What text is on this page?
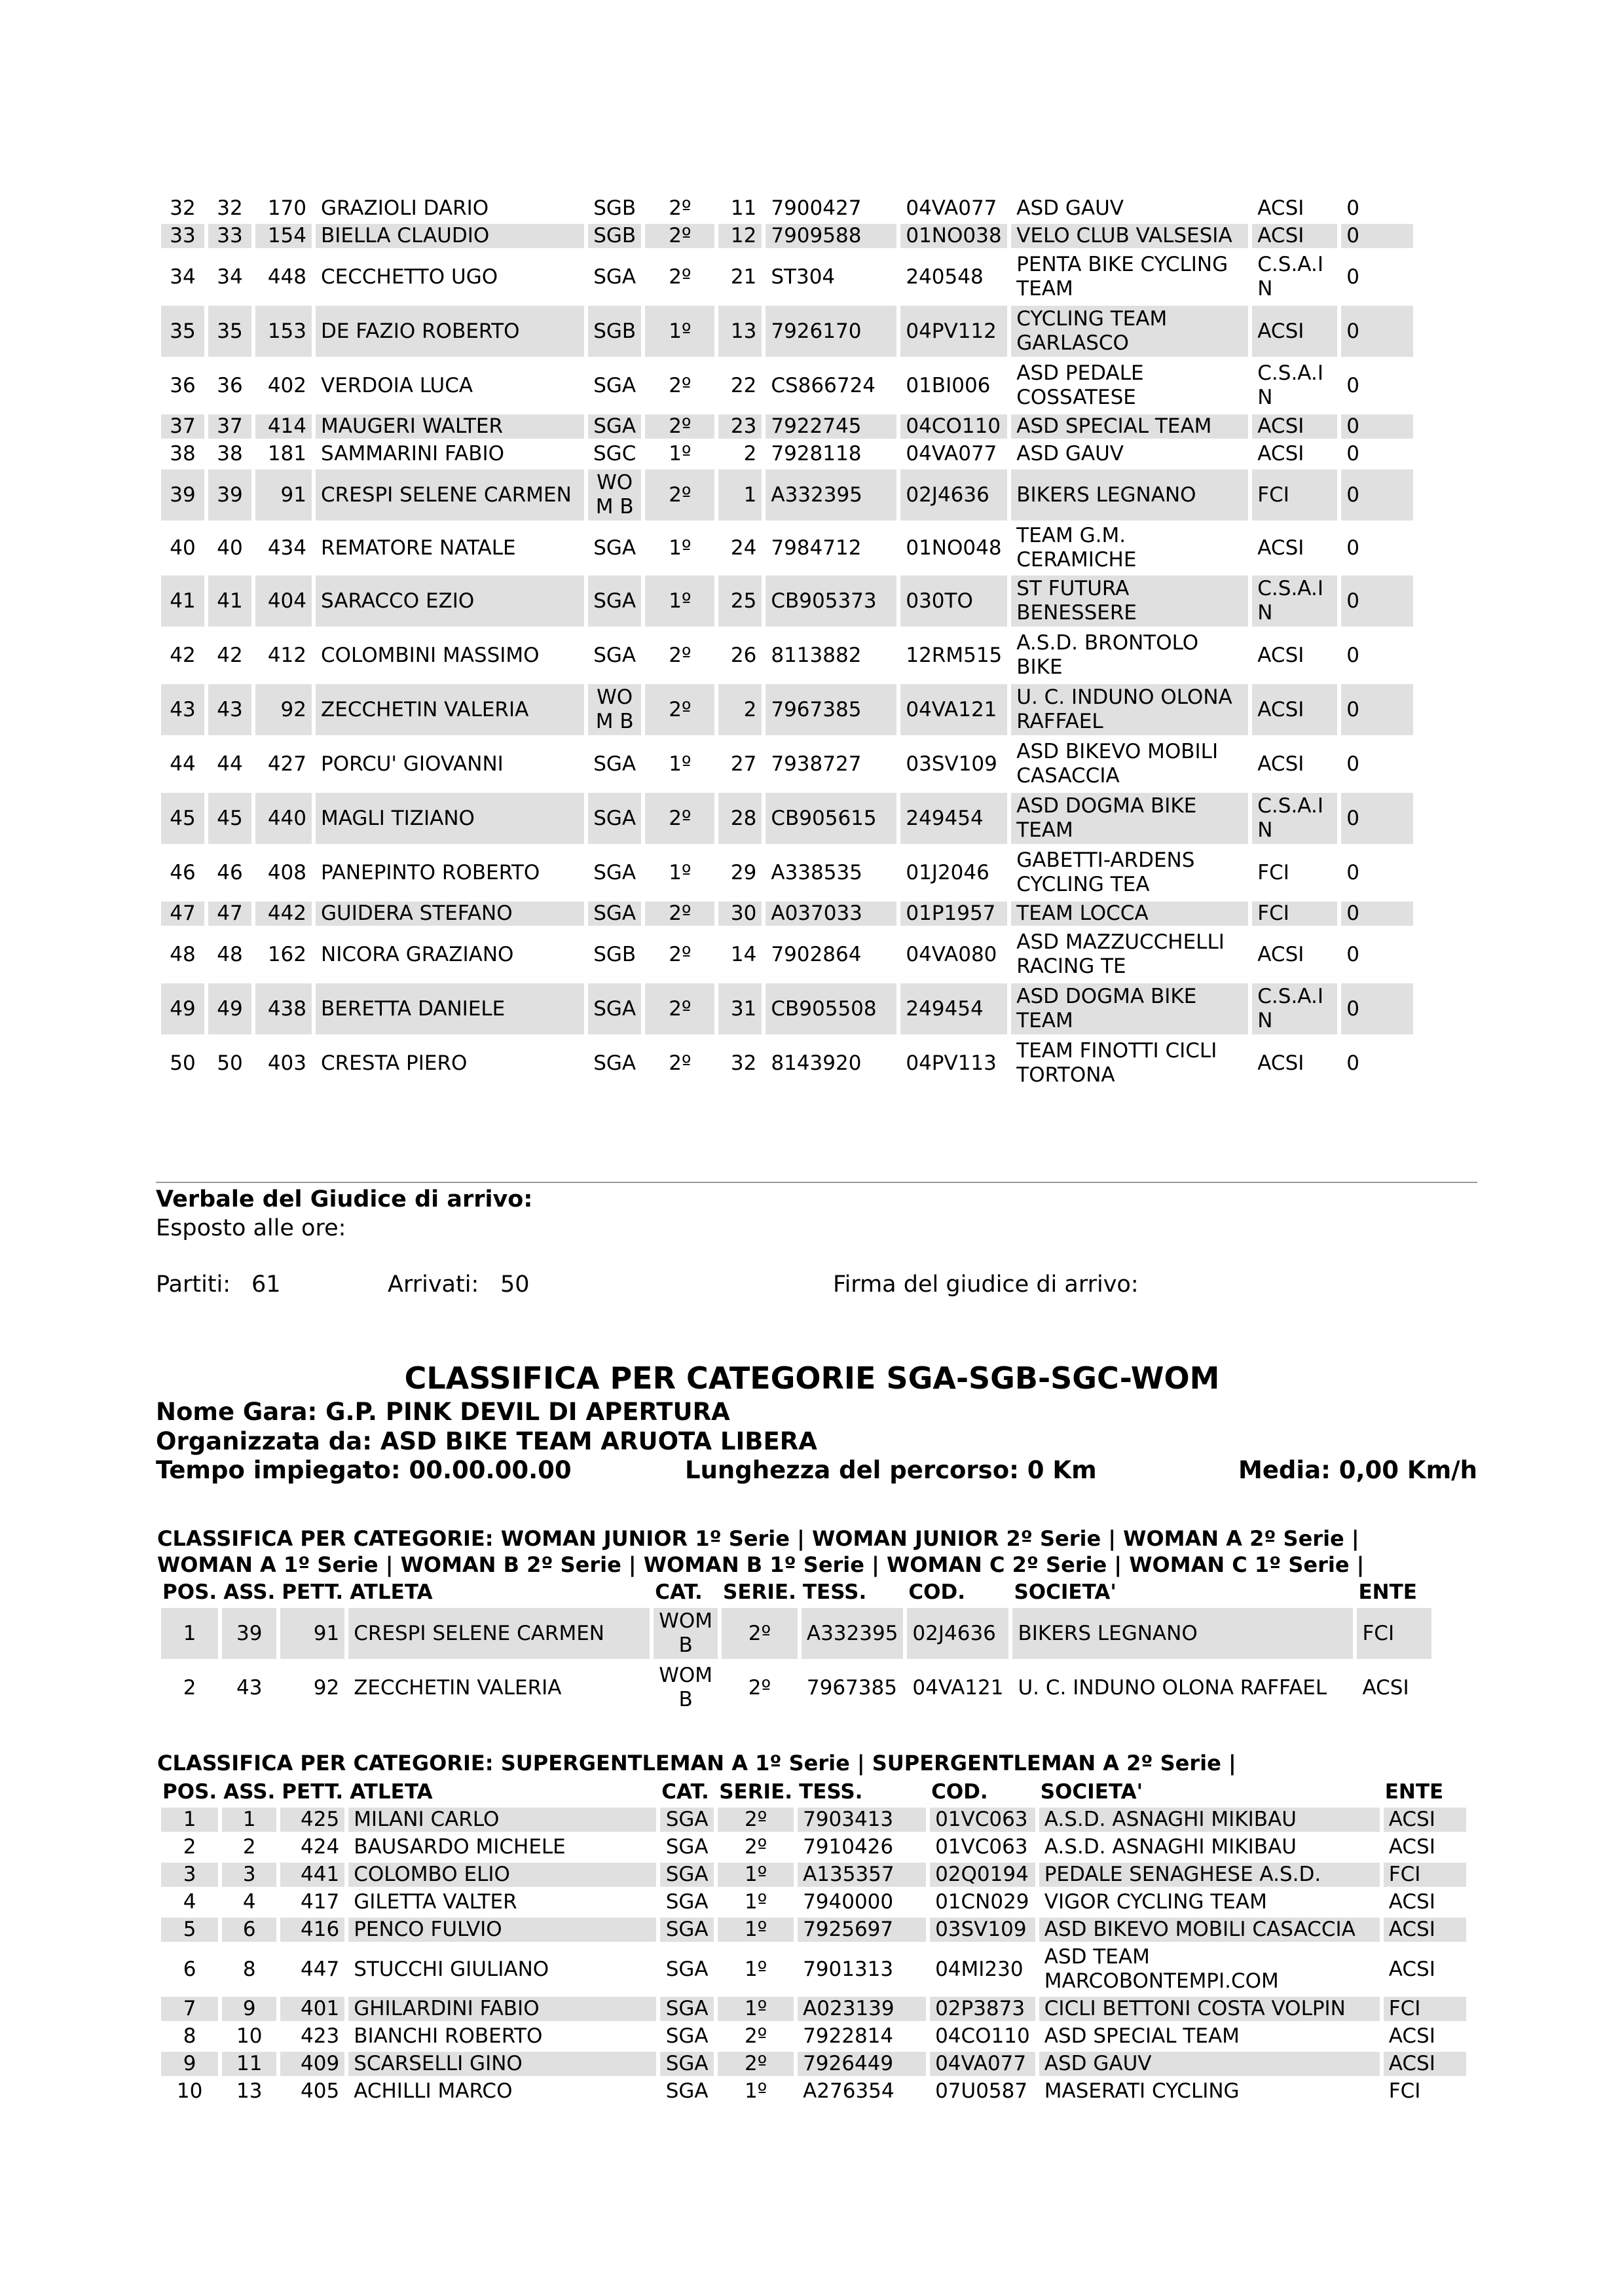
32	32	170	GRAZIOLI DARIO	SGB	2º	11	7900427	04VA077	ASD GAUV	ACSI	0
33	33	154	BIELLA CLAUDIO	SGB	2º	12	7909588	01NO038	VELO CLUB VALSESIA	ACSI	0
34	34	448	CECCHETTO UGO	SGA	2º	21	ST304	240548	PENTA BIKE CYCLING TEAM	C.S.A.I N	0
35	35	153	DE FAZIO ROBERTO	SGB	1º	13	7926170	04PV112	CYCLING TEAM GARLASCO	ACSI	0
36	36	402	VERDOIA LUCA	SGA	2º	22	CS866724	01BI006	ASD PEDALE COSSATESE	C.S.A.I N	0
37	37	414	MAUGERI WALTER	SGA	2º	23	7922745	04CO110	ASD SPECIAL TEAM	ACSI	0
38	38	181	SAMMARINI FABIO	SGC	1º	2	7928118	04VA077	ASD GAUV	ACSI	0
39	39	91	CRESPI SELENE CARMEN	WO M B	2º	1	A332395	02J4636	BIKERS LEGNANO	FCI	0
40	40	434	REMATORE NATALE	SGA	1º	24	7984712	01NO048	TEAM G.M. CERAMICHE	ACSI	0
41	41	404	SARACCO EZIO	SGA	1º	25	CB905373	030TO	ST FUTURA BENESSERE	C.S.A.I N	0
42	42	412	COLOMBINI MASSIMO	SGA	2º	26	8113882	12RM515	A.S.D. BRONTOLO BIKE	ACSI	0
43	43	92	ZECCHETIN VALERIA	WO M B	2º	2	7967385	04VA121	U. C. INDUNO OLONA RAFFAEL	ACSI	0
44	44	427	PORCU' GIOVANNI	SGA	1º	27	7938727	03SV109	ASD BIKEVO MOBILI CASACCIA	ACSI	0
45	45	440	MAGLI TIZIANO	SGA	2º	28	CB905615	249454	ASD DOGMA BIKE TEAM	C.S.A.I N	0
46	46	408	PANEPINTO ROBERTO	SGA	1º	29	A338535	01J2046	GABETTI-ARDENS CYCLING TEA	FCI	0
47	47	442	GUIDERA STEFANO	SGA	2º	30	A037033	01P1957	TEAM LOCCA	FCI	0
48	48	162	NICORA GRAZIANO	SGB	2º	14	7902864	04VA080	ASD MAZZUCCHELLI RACING TE	ACSI	0
49	49	438	BERETTA DANIELE	SGA	2º	31	CB905508	249454	ASD DOGMA BIKE TEAM	C.S.A.I N	0
50	50	403	CRESTA PIERO	SGA	2º	32	8143920	04PV113	TEAM FINOTTI CICLI TORTONA	ACSI	0
Verbale del Giudice di arrivo:
Esposto alle ore:
Partiti: 61	Arrivati: 50	Firma del giudice di arrivo:
CLASSIFICA PER CATEGORIE SGA-SGB-SGC-WOM
Nome Gara: G.P. PINK DEVIL DI APERTURA
Organizzata da: ASD BIKE TEAM ARUOTA LIBERA
Tempo impiegato: 00.00.00.00	Lunghezza del percorso: 0 Km	Media: 0,00 Km/h
CLASSIFICA PER CATEGORIE: WOMAN JUNIOR 1º Serie | WOMAN JUNIOR 2º Serie | WOMAN A 2º Serie |
WOMAN A 1º Serie | WOMAN B 2º Serie | WOMAN B 1º Serie | WOMAN C 2º Serie | WOMAN C 1º Serie |
POS.	ASS.	PETT.	ATLETA	CAT.	SERIE.	TESS.	COD.	SOCIETA'	ENTE
1	39	91	CRESPI SELENE CARMEN	WOM B	2º	A332395	02J4636	BIKERS LEGNANO	FCI
2	43	92	ZECCHETIN VALERIA	WOM B	2º	7967385	04VA121	U. C. INDUNO OLONA RAFFAEL	ACSI
CLASSIFICA PER CATEGORIE: SUPERGENTLEMAN A 1º Serie | SUPERGENTLEMAN A 2º Serie |
POS.	ASS.	PETT.	ATLETA	CAT.	SERIE.	TESS.	COD.	SOCIETA'	ENTE
1	1	425	MILANI CARLO	SGA	2º	7903413	01VC063	A.S.D. ASNAGHI MIKIBAU	ACSI
2	2	424	BAUSARDO MICHELE	SGA	2º	7910426	01VC063	A.S.D. ASNAGHI MIKIBAU	ACSI
3	3	441	COLOMBO ELIO	SGA	1º	A135357	02Q0194	PEDALE SENAGHESE A.S.D.	FCI
4	4	417	GILETTA VALTER	SGA	1º	7940000	01CN029	VIGOR CYCLING TEAM	ACSI
5	6	416	PENCO FULVIO	SGA	1º	7925697	03SV109	ASD BIKEVO MOBILI CASACCIA	ACSI
6	8	447	STUCCHI GIULIANO	SGA	1º	7901313	04MI230	ASD TEAM MARCOBONTEMPI.COM	ACSI
7	9	401	GHILARDINI FABIO	SGA	1º	A023139	02P3873	CICLI BETTONI COSTA VOLPIN	FCI
8	10	423	BIANCHI ROBERTO	SGA	2º	7922814	04CO110	ASD SPECIAL TEAM	ACSI
9	11	409	SCARSELLI GINO	SGA	2º	7926449	04VA077	ASD GAUV	ACSI
10	13	405	ACHILLI MARCO	SGA	1º	A276354	07U0587	MASERATI CYCLING	FCI
